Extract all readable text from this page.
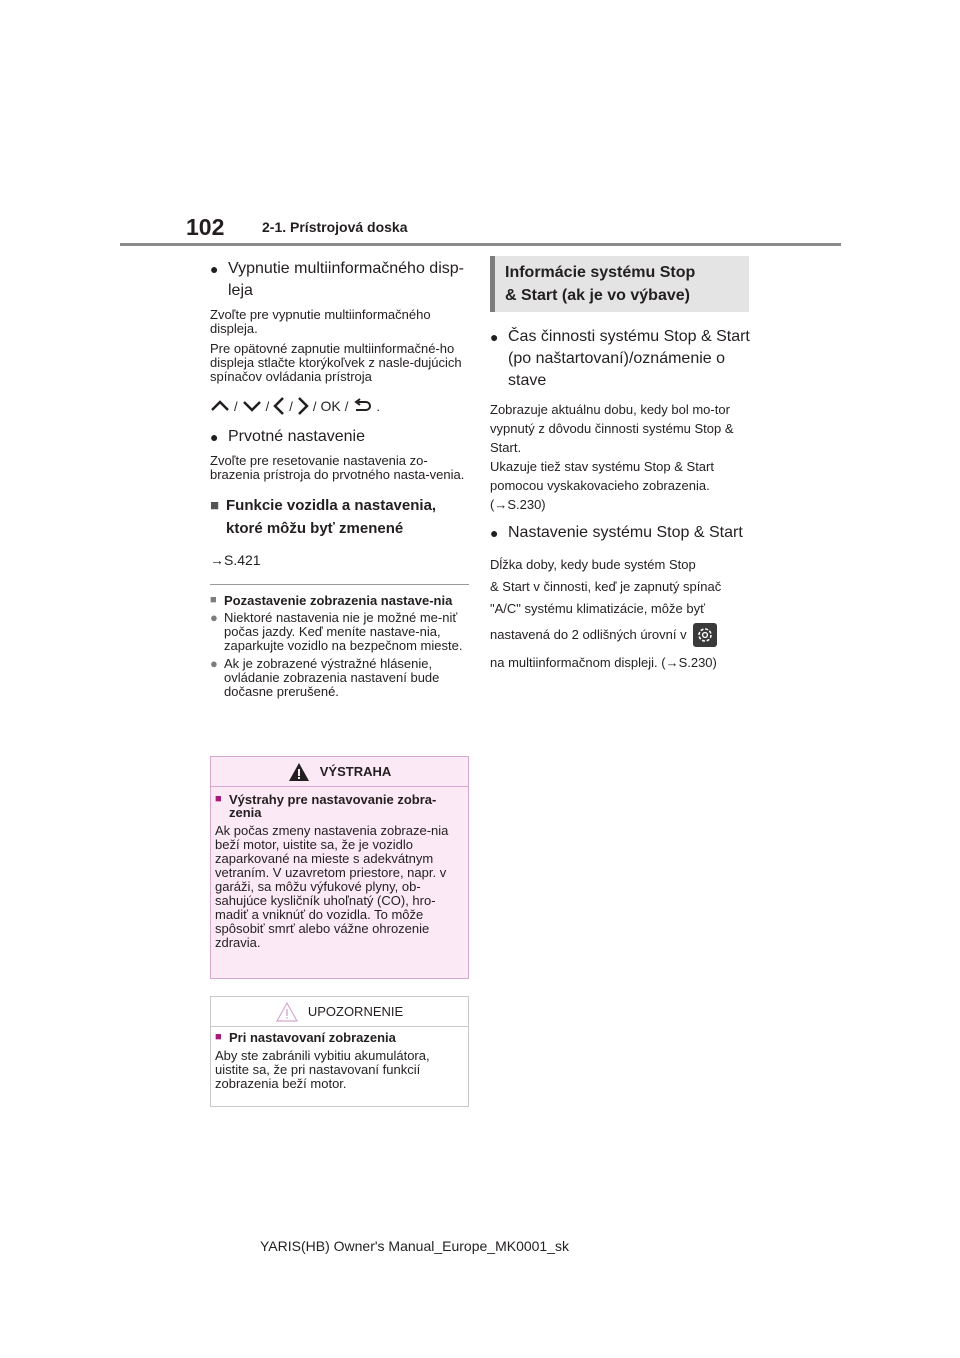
102	2-1. Prístrojová doska
● Vypnutie multiinformačného disp-leja
Zvoľte pre vypnutie multiinformačného displeja.
Pre opätovné zapnutie multiinformačné-ho displeja stlačte ktorýkoľvek z nasle-dujúcich spínačov ovládania prístroja
/ / / / OK / .
● Prvotné nastavenie
Zvoľte pre resetovanie nastavenia zo-brazenia prístroja do prvotného nasta-venia.
■ Funkcie vozidla a nastavenia, ktoré môžu byť zmenené
→S.421
■ Pozastavenie zobrazenia nastave-nia
● Niektoré nastavenia nie je možné me-niť počas jazdy. Keď meníte nastave-nia, zaparkujte vozidlo na bezpečnom mieste.
● Ak je zobrazené výstražné hlásenie, ovládanie zobrazenia nastavení bude dočasne prerušené.
VÝSTRAHA
■ Výstrahy pre nastavovanie zobra-zenia
Ak počas zmeny nastavenia zobraze-nia beží motor, uistite sa, že je vozidlo zaparkované na mieste s adekvátnym vetraním. V uzavretom priestore, napr. v garáži, sa môžu výfukové plyny, ob-sahujúce kysličník uhoľnatý (CO), hro-madiť a vniknúť do vozidla. To môže spôsobiť smrť alebo vážne ohrozenie zdravia.
UPOZORNENIE
■ Pri nastavovaní zobrazenia
Aby ste zabránili vybitiu akumulátora, uistite sa, že pri nastavovaní funkcií zobrazenia beží motor.
Informácie systému Stop
& Start (ak je vo výbave)
● Čas činnosti systému Stop & Start (po naštartovaní)/oznámenie o stave
Zobrazuje aktuálnu dobu, kedy bol mo-tor vypnutý z dôvodu činnosti systému Stop & Start.
Ukazuje tiež stav systému Stop & Start pomocou vyskakovacieho zobrazenia.
(→S.230)
● Nastavenie systému Stop & Start
Dĺžka doby, kedy bude systém Stop
& Start v činnosti, keď je zapnutý spínač
"A/C" systému klimatizácie, môže byť
nastavená do 2 odlišných úrovní v
na multiinformačnom displeji. (→S.230)
YARIS(HB) Owner's Manual_Europe_MK0001_sk
